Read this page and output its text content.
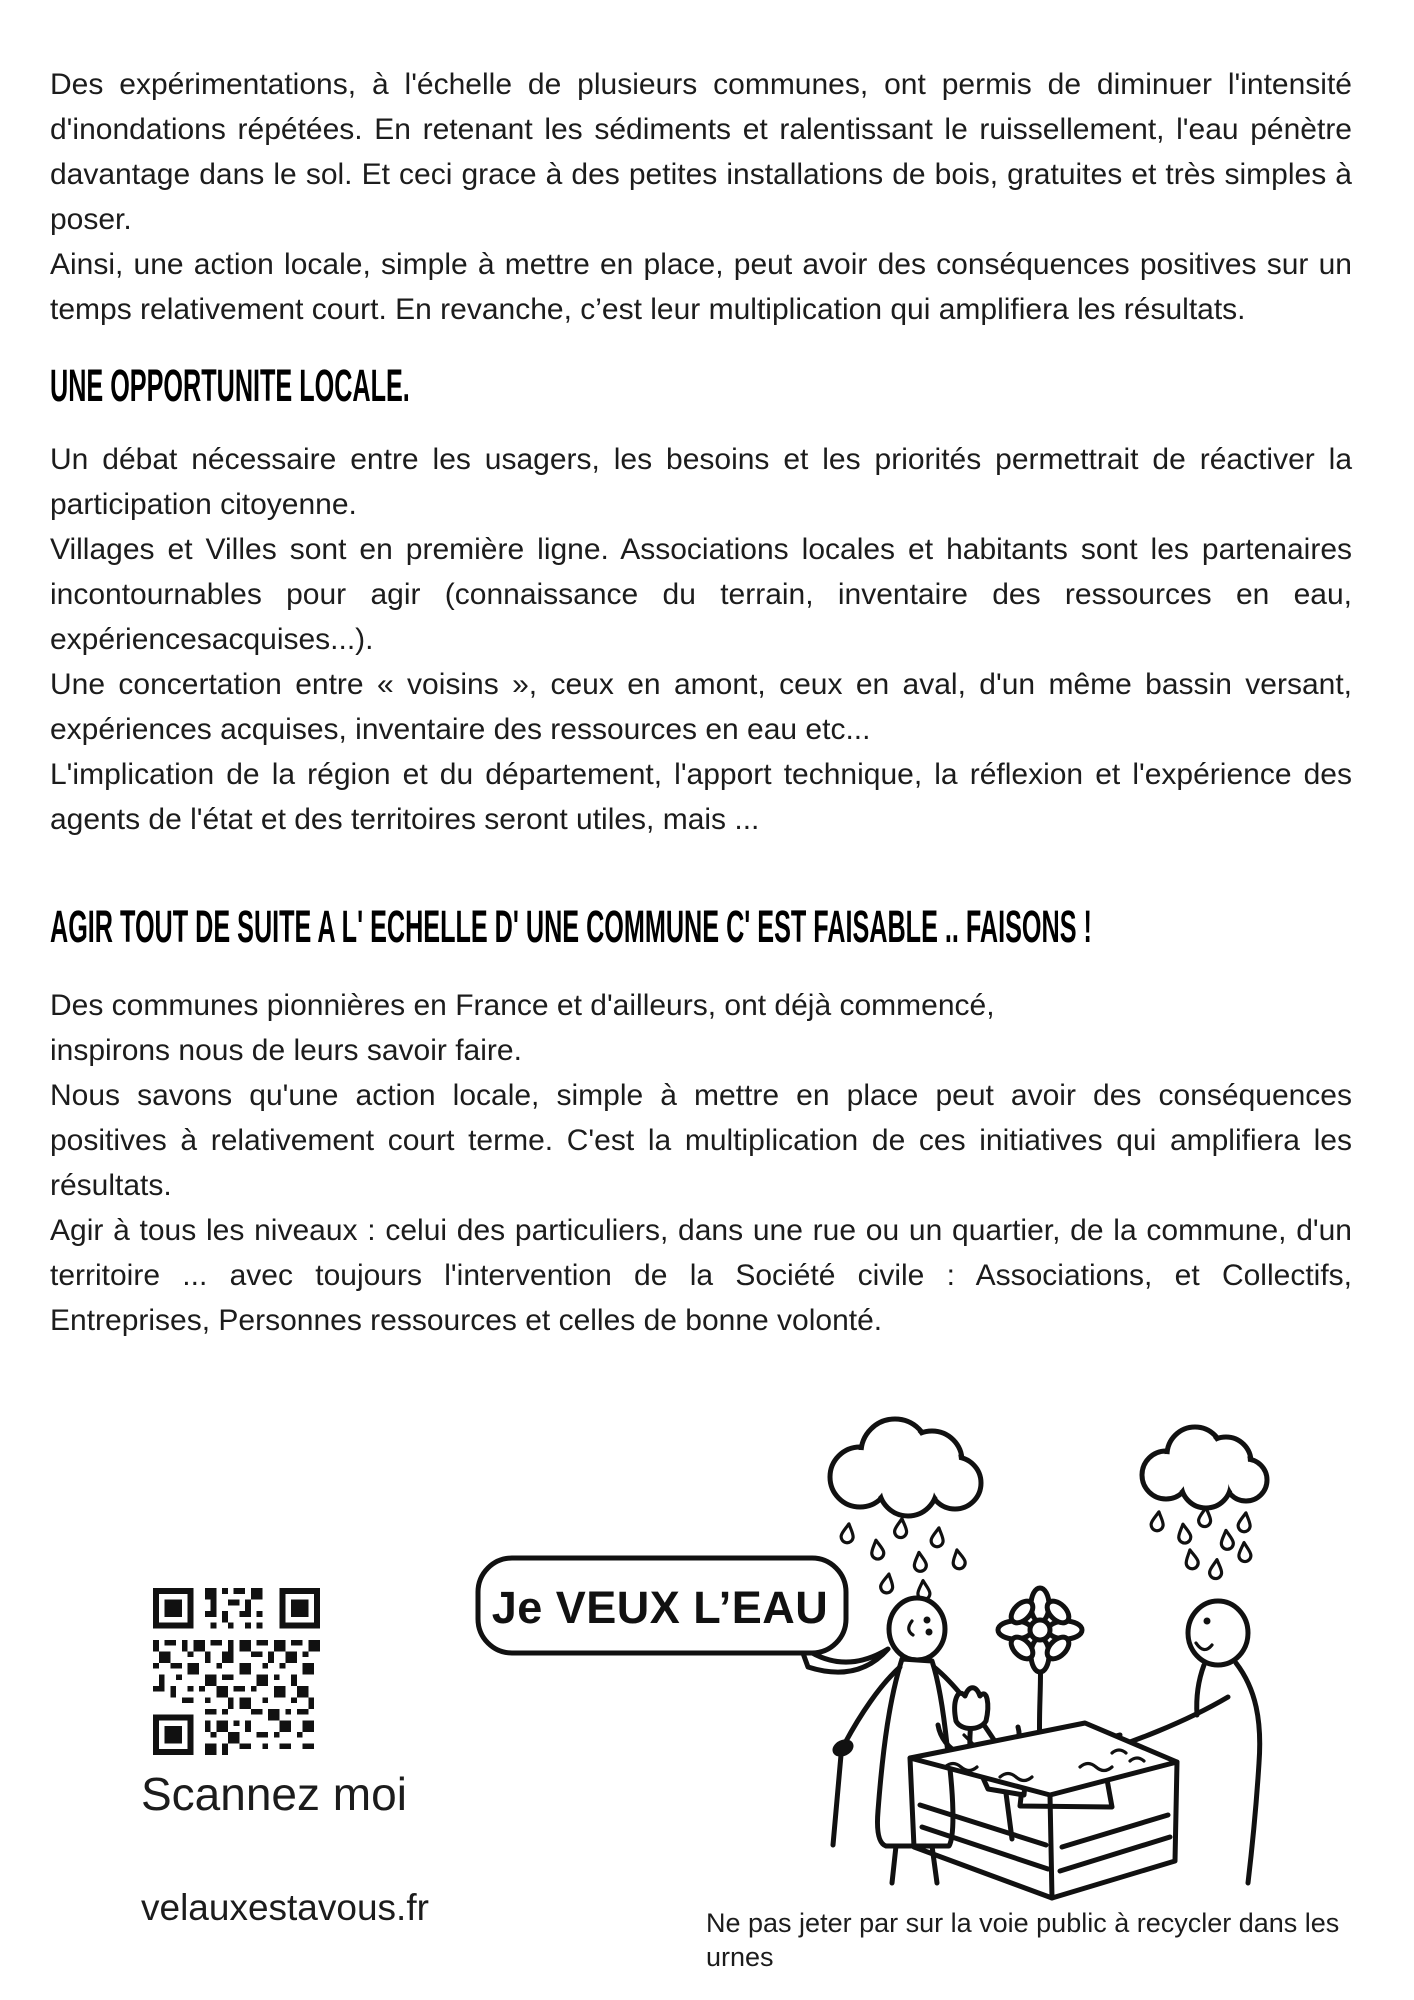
Des expérimentations, à l'échelle de plusieurs communes, ont permis de diminuer l'intensité d'inondations répétées. En retenant les sédiments et ralentissant le ruissellement, l'eau pénètre davantage dans le sol. Et ceci grace à des petites installations de bois, gratuites et très simples à poser.

Ainsi, une action locale, simple à mettre en place, peut avoir des conséquences positives sur un temps relativement court. En revanche, c’est leur multiplication qui amplifiera les résultats.

UNE OPPORTUNITE LOCALE.

Un débat nécessaire entre les usagers, les besoins et les priorités permettrait de réactiver la participation citoyenne.

Villages et Villes sont en première ligne. Associations locales et habitants sont les partenaires incontournables pour agir (connaissance du terrain, inventaire des ressources en eau, expériencesacquises...).

Une concertation entre « voisins », ceux en amont, ceux en aval, d'un même bassin versant, expériences acquises, inventaire des ressources en eau etc...

L'implication de la région et du département, l'apport technique, la réflexion et l'expérience des agents de l'état et des territoires seront utiles, mais ...

AGIR TOUT DE SUITE A L' ECHELLE D' UNE COMMUNE C' EST FAISABLE .. FAISONS !

Des communes pionnières en France et d'ailleurs, ont déjà commencé,

inspirons nous de leurs savoir faire.

Nous savons qu'une action locale, simple à mettre en place peut avoir des conséquences positives à relativement court terme. C'est la multiplication de ces initiatives qui amplifiera les résultats.

Agir à tous les niveaux : celui des particuliers, dans une rue ou un quartier, de la commune, d'un territoire ... avec toujours l'intervention de la Société civile : Associations, et Collectifs, Entreprises, Personnes ressources et celles de bonne volonté.

Scannez moi
velauxestavous.fr
Je VEUX L’EAU
Ne pas jeter par sur la voie public à recycler dans les urnes
